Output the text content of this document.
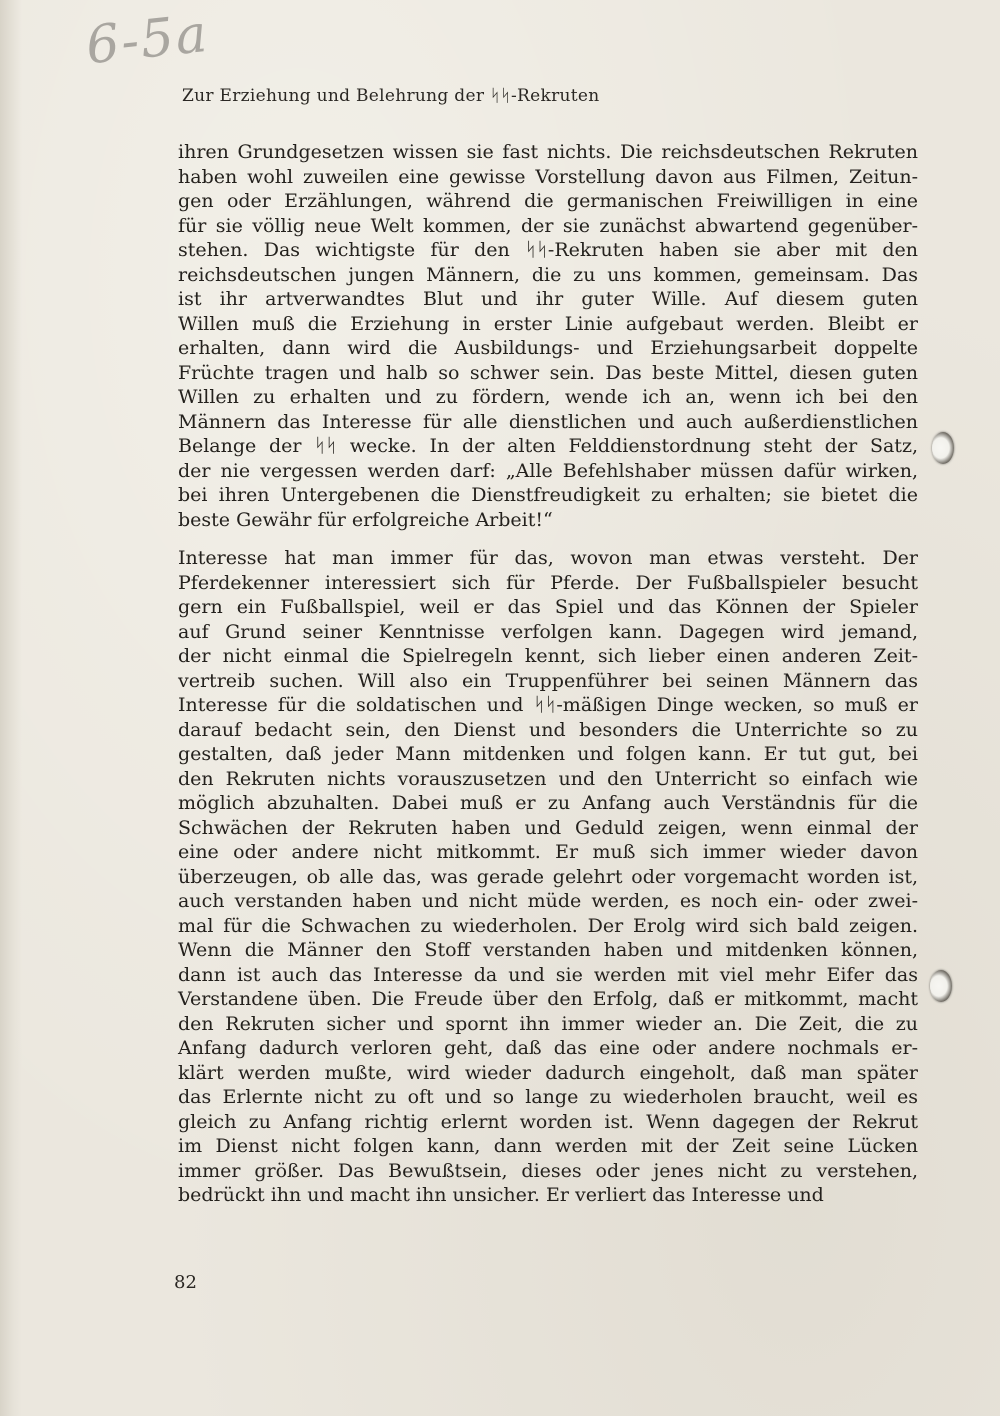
6-5a
Zur Erziehung und Belehrung der ᛋᛋ-Rekruten

ihren Grundgesetzen wissen sie fast nichts. Die reichsdeutschen Rekruten
haben wohl zuweilen eine gewisse Vorstellung davon aus Filmen, Zeitun-
gen oder Erzählungen, während die germanischen Freiwilligen in eine
für sie völlig neue Welt kommen, der sie zunächst abwartend gegenüber-
stehen. Das wichtigste für den ᛋᛋ-Rekruten haben sie aber mit den
reichsdeutschen jungen Männern, die zu uns kommen, gemeinsam. Das
ist ihr artverwandtes Blut und ihr guter Wille. Auf diesem guten
Willen muß die Erziehung in erster Linie aufgebaut werden. Bleibt er
erhalten, dann wird die Ausbildungs- und Erziehungsarbeit doppelte
Früchte tragen und halb so schwer sein. Das beste Mittel, diesen guten
Willen zu erhalten und zu fördern, wende ich an, wenn ich bei den
Männern das Interesse für alle dienstlichen und auch außerdienstlichen
Belange der ᛋᛋ wecke. In der alten Felddienstordnung steht der Satz,
der nie vergessen werden darf: „Alle Befehlshaber müssen dafür wirken,
bei ihren Untergebenen die Dienstfreudigkeit zu erhalten; sie bietet die
beste Gewähr für erfolgreiche Arbeit!“

Interesse hat man immer für das, wovon man etwas versteht. Der
Pferdekenner interessiert sich für Pferde. Der Fußballspieler besucht
gern ein Fußballspiel, weil er das Spiel und das Können der Spieler
auf Grund seiner Kenntnisse verfolgen kann. Dagegen wird jemand,
der nicht einmal die Spielregeln kennt, sich lieber einen anderen Zeit-
vertreib suchen. Will also ein Truppenführer bei seinen Männern das
Interesse für die soldatischen und ᛋᛋ-mäßigen Dinge wecken, so muß er
darauf bedacht sein, den Dienst und besonders die Unterrichte so zu
gestalten, daß jeder Mann mitdenken und folgen kann. Er tut gut, bei
den Rekruten nichts vorauszusetzen und den Unterricht so einfach wie
möglich abzuhalten. Dabei muß er zu Anfang auch Verständnis für die
Schwächen der Rekruten haben und Geduld zeigen, wenn einmal der
eine oder andere nicht mitkommt. Er muß sich immer wieder davon
überzeugen, ob alle das, was gerade gelehrt oder vorgemacht worden ist,
auch verstanden haben und nicht müde werden, es noch ein- oder zwei-
mal für die Schwachen zu wiederholen. Der Erolg wird sich bald zeigen.
Wenn die Männer den Stoff verstanden haben und mitdenken können,
dann ist auch das Interesse da und sie werden mit viel mehr Eifer das
Verstandene üben. Die Freude über den Erfolg, daß er mitkommt, macht
den Rekruten sicher und spornt ihn immer wieder an. Die Zeit, die zu
Anfang dadurch verloren geht, daß das eine oder andere nochmals er-
klärt werden mußte, wird wieder dadurch eingeholt, daß man später
das Erlernte nicht zu oft und so lange zu wiederholen braucht, weil es
gleich zu Anfang richtig erlernt worden ist. Wenn dagegen der Rekrut
im Dienst nicht folgen kann, dann werden mit der Zeit seine Lücken
immer größer. Das Bewußtsein, dieses oder jenes nicht zu verstehen,
bedrückt ihn und macht ihn unsicher. Er verliert das Interesse und

82
